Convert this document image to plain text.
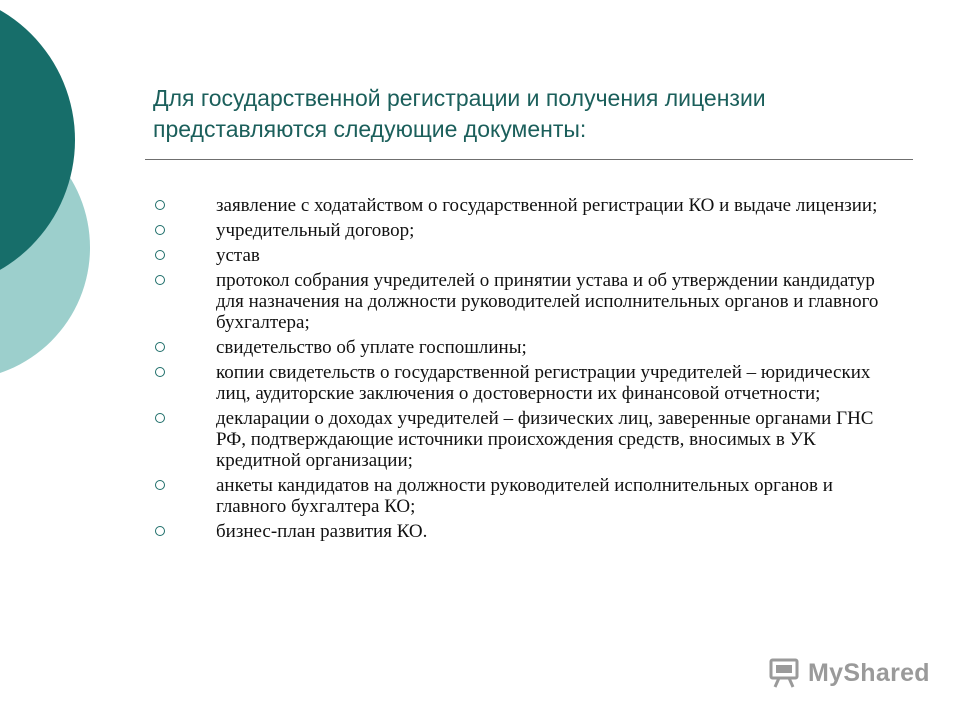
Для государственной регистрации и получения лицензии
представляются следующие документы:
заявление с ходатайством о государственной регистрации КО и выдаче лицензии;
учредительный договор;
устав
протокол собрания учредителей о принятии устава и об утверждении кандидатур для назначения на должности руководителей исполнительных органов и главного бухгалтера;
свидетельство об уплате госпошлины;
копии свидетельств о государственной регистрации учредителей – юридических лиц, аудиторские заключения о достоверности их финансовой отчетности;
декларации о доходах учредителей – физических лиц, заверенные органами ГНС РФ, подтверждающие источники происхождения средств, вносимых в УК кредитной организации;
анкеты кандидатов на должности руководителей исполнительных органов и главного бухгалтера КО;
бизнес-план развития КО.
MyShared
